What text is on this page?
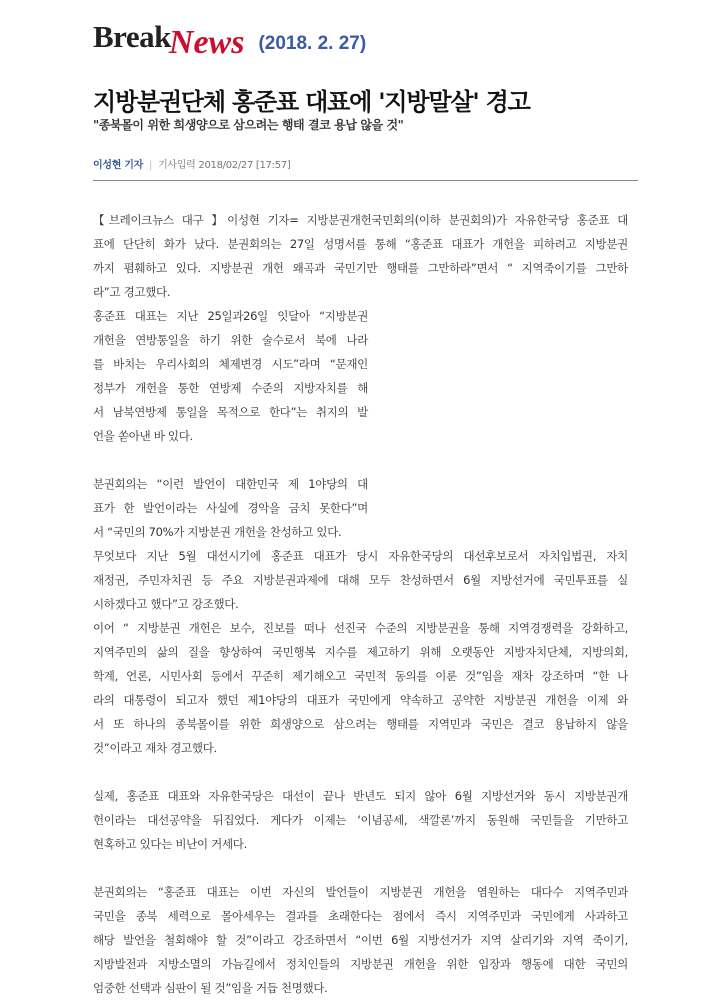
BreakNews (2018. 2. 27)
지방분권단체 홍준표 대표에 '지방말살' 경고
"종북몰이 위한 희생양으로 삼으려는 행태 결코 용납 않을 것"
이성현 기자 | 기사입력 2018/02/27 [17:57]
【브레이크뉴스 대구 】이성현 기자= 지방분권개헌국민회의(이하 분권회의)가 자유한국당 홍준표 대
표에 단단히 화가 났다. 분권회의는 27일 성명서를 통해 “홍준표 대표가 개헌을 피하려고 지방분권
까지 폄훼하고 있다. 지방분권 개헌 왜곡과 국민기만 행태를 그만하라”면서 “ 지역죽이기를 그만하
라”고 경고했다.
홍준표 대표는 지난 25일과26일 잇달아 “지방분권
개헌을 연방통일을 하기 위한 술수로서 북에 나라
를 바치는 우리사회의 체제변경 시도”라며 “문재인
정부가 개헌을 통한 연방제 수준의 지방자치를 해
서 남북연방제 통일을 목적으로 한다”는 취지의 발
언을 쏟아낸 바 있다.
분권회의는 “이런 발언이 대한민국 제 1야당의 대
표가 한 발언이라는 사실에 경악을 금치 못한다”며
서 “국민의 70%가 지방분권 개헌을 찬성하고 있다.
무엇보다 지난 5월 대선시기에 홍준표 대표가 당시 자유한국당의 대선후보로서 자치입법권, 자치
재정권, 주민자치권 등 주요 지방분권과제에 대해 모두 찬성하면서 6월 지방선거에 국민투표를 실
시하겠다고 했다”고 강조했다.
이어 “ 지방분권 개헌은 보수, 진보를 떠나 선진국 수준의 지방분권을 통해 지역경쟁력을 강화하고,
지역주민의 삶의 질을 향상하여 국민행복 지수를 제고하기 위해 오랫동안 지방자치단체, 지방의회,
학계, 언론, 시민사회 등에서 꾸준히 제기해오고 국민적 동의를 이룬 것”임을 재차 강조하며 “한 나
라의 대통령이 되고자 했던 제1야당의 대표가 국민에게 약속하고 공약한 지방분권 개헌을 이제 와
서 또 하나의 종북몰이를 위한 희생양으로 삼으려는 행태를 지역민과 국민은 결코 용납하지 않을
것”이라고 재차 경고했다.
실제, 홍준표 대표와 자유한국당은 대선이 끝나 반년도 되지 않아 6월 지방선거와 동시 지방분권개
헌이라는 대선공약을 뒤집었다. 게다가 이제는 ‘이념공세, 색깔론’까지 동원해 국민들을 기만하고
현혹하고 있다는 비난이 거세다.
분권회의는 “홍준표 대표는 이번 자신의 발언들이 지방분권 개헌을 염원하는 대다수 지역주민과
국민을 종북 세력으로 몰아세우는 결과를 초래한다는 점에서 즉시 지역주민과 국민에게 사과하고
해당 발언을 철회해야 할 것”이라고 강조하면서 “이번 6월 지방선거가 지역 살리기와 지역 죽이기,
지방발전과 지방소멸의 가늠길에서 정치인들의 지방분권 개헌을 위한 입장과 행동에 대한 국민의
엄중한 선택과 심판이 될 것”임을 거듭 천명했다.
